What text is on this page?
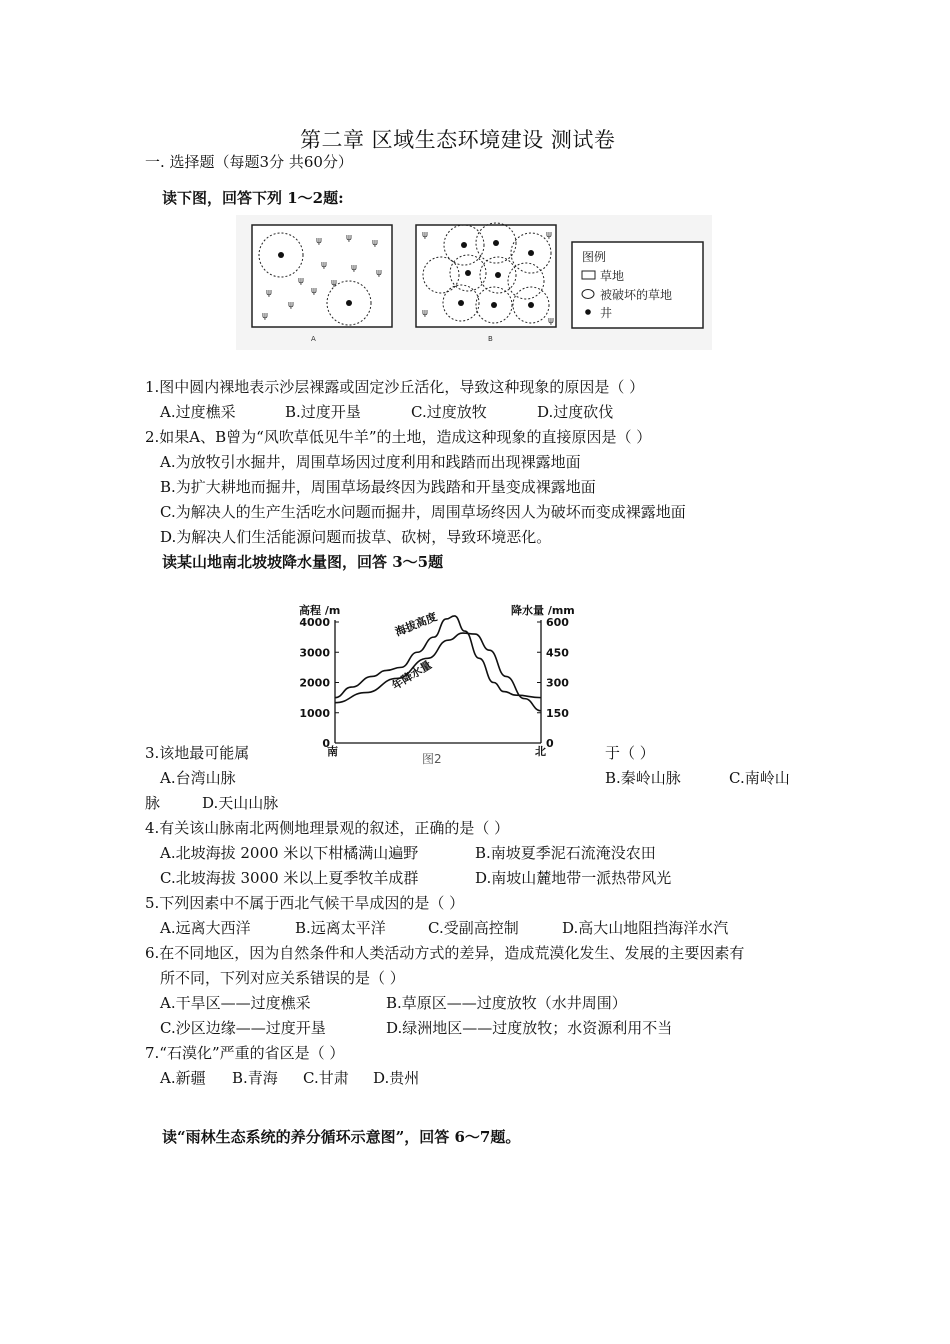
第二章 区域生态环境建设 测试卷
一. 选择题（每题3分 共60分）
读下图，回答下列 1～2题:
ψ	ψ ψ
ψ	ψ ψ
ψ
ψ
ψ
ψ
ψ	ψ
A
ψ
ψ
ψ
ψ
B
图例
草地
被破坏的草地
井
1.图中圆内裸地表示沙层裸露或固定沙丘活化，导致这种现象的原因是（ ）
A.过度樵采	B.过度开垦	C.过度放牧	D.过度砍伐
2.如果A、B曾为“风吹草低见牛羊”的土地，造成这种现象的直接原因是（ ）
A.为放牧引水掘井，周围草场因过度利用和践踏而出现裸露地面
B.为扩大耕地而掘井，周围草场最终因为践踏和开垦变成裸露地面
C.为解决人的生产生活吃水问题而掘井，周围草场终因人为破坏而变成裸露地面
D.为解决人们生活能源问题而拔草、砍树，导致环境恶化。
读某山地南北坡坡降水量图，回答 3～5题
高程 /m	降水量 /mm
0
1000
2000
3000
4000
0
150
300
450
600
海拔高度
年降水量
南	北
图2
3.该地最可能属	于（ ）
A.台湾山脉	B.秦岭山脉	C.南岭山
脉	D.天山山脉
4.有关该山脉南北两侧地理景观的叙述，正确的是（ ）
A.北坡海拔 2000 米以下柑橘满山遍野	B.南坡夏季泥石流淹没农田
C.北坡海拔 3000 米以上夏季牧羊成群	D.南坡山麓地带一派热带风光
5.下列因素中不属于西北气候干旱成因的是（ ）
A.远离大西洋	B.远离太平洋	C.受副高控制	D.高大山地阻挡海洋水汽
6.在不同地区，因为自然条件和人类活动方式的差异，造成荒漠化发生、发展的主要因素有
所不同，下列对应关系错误的是（ ）
A.干旱区——过度樵采	B.草原区——过度放牧（水井周围）
C.沙区边缘——过度开垦	D.绿洲地区——过度放牧；水资源利用不当
7.“石漠化”严重的省区是（ ）
A.新疆 B.青海 C.甘肃 D.贵州
读“雨林生态系统的养分循环示意图”，回答 6～7题。
